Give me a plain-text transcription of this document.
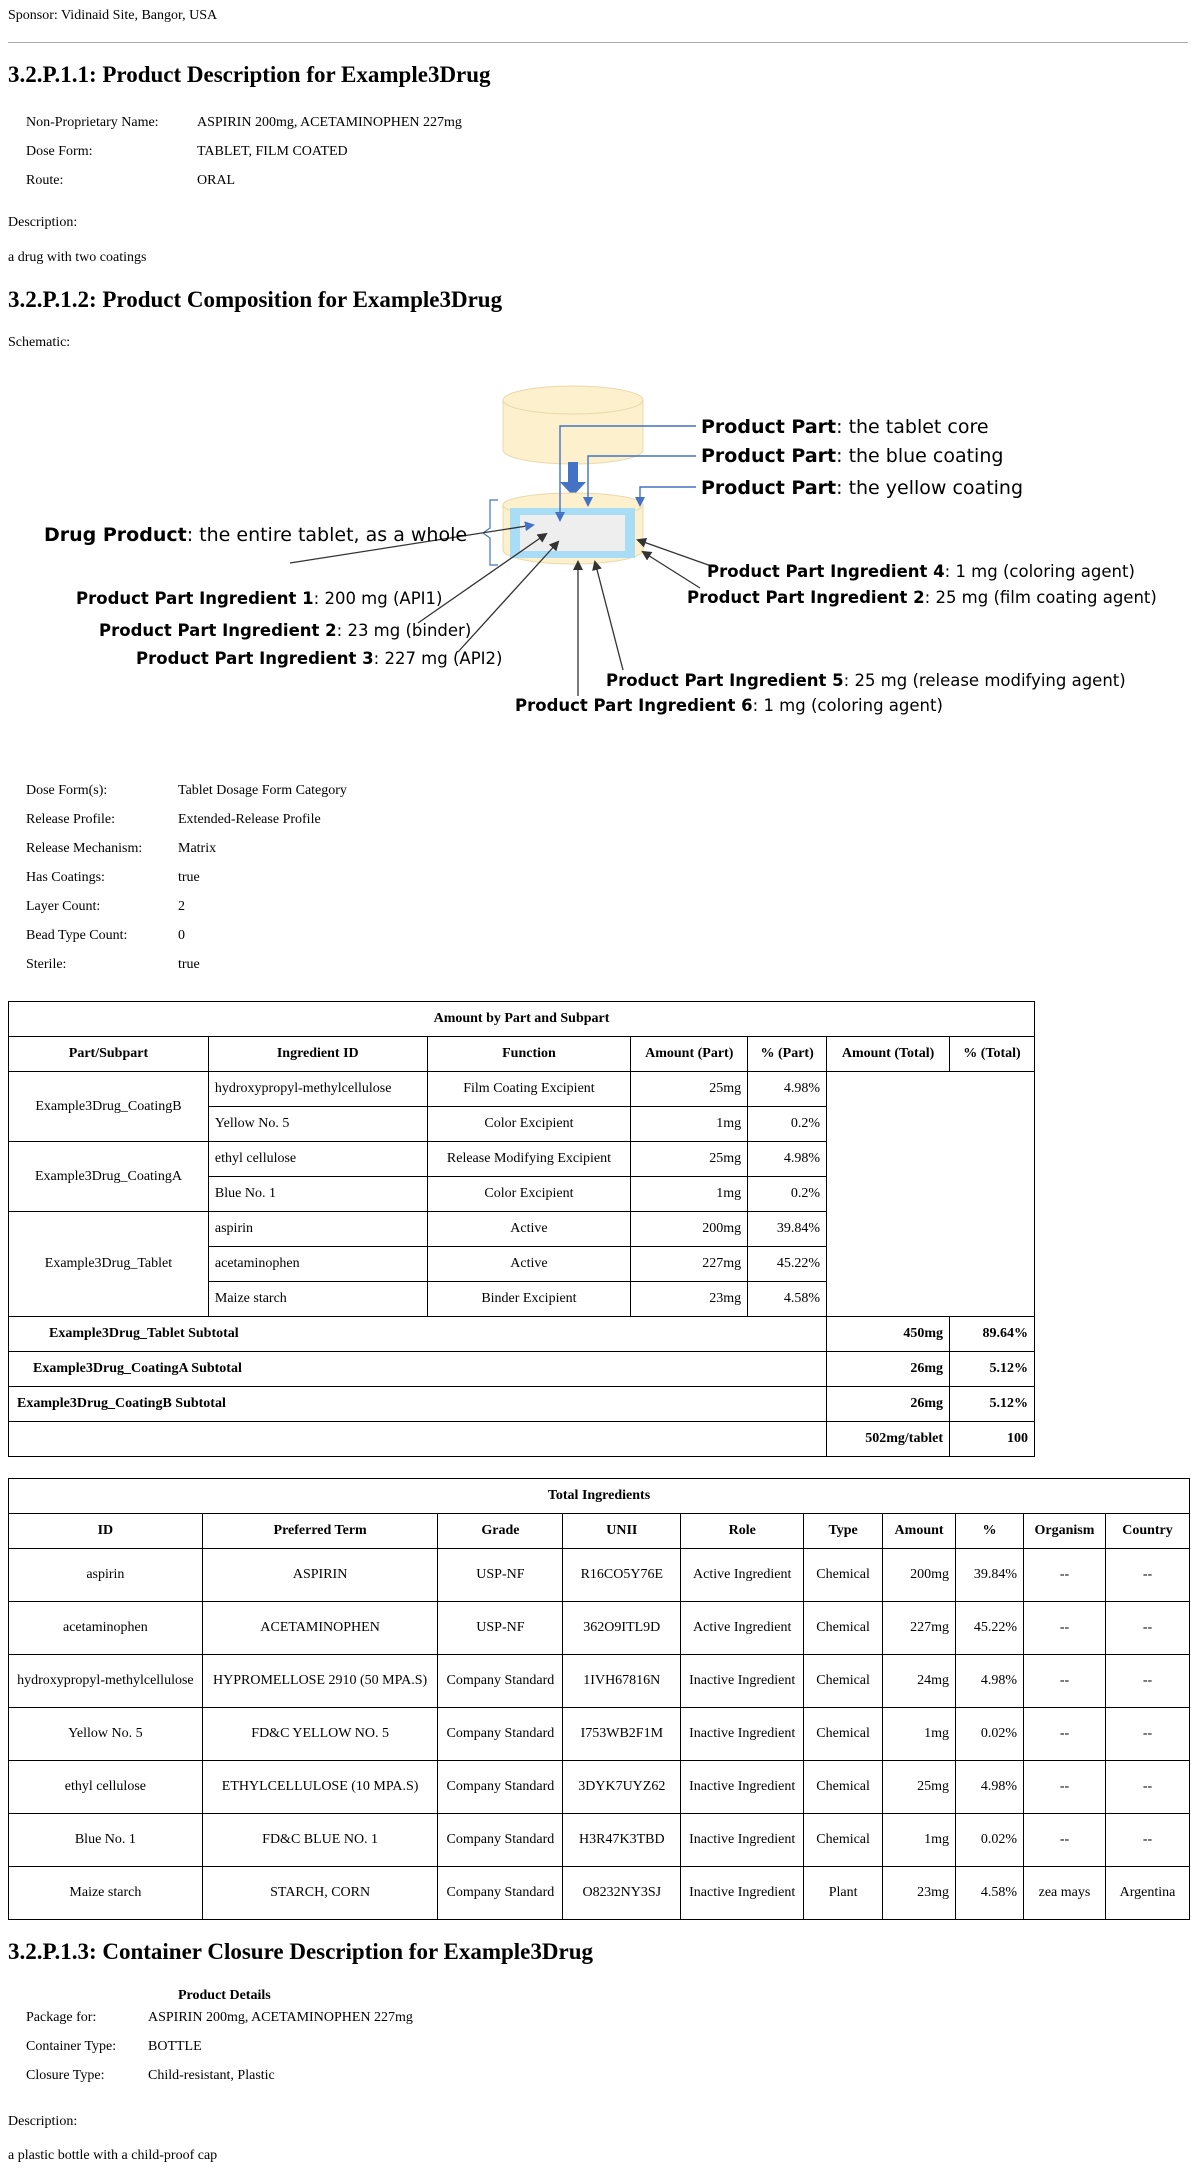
Sponsor: Vidinaid Site, Bangor, USA
3.2.P.1.1: Product Description for Example3Drug
Non-Proprietary Name:	ASPIRIN 200mg, ACETAMINOPHEN 227mg
Dose Form:	TABLET, FILM COATED
Route:	ORAL
Description:
a drug with two coatings
3.2.P.1.2: Product Composition for Example3Drug
Schematic:
Product Part: the tablet core
Product Part: the blue coating
Product Part: the yellow coating
Drug Product: the entire tablet, as a whole
Product Part Ingredient 1: 200 mg (API1)
Product Part Ingredient 2: 23 mg (binder)
Product Part Ingredient 3: 227 mg (API2)
Product Part Ingredient 4: 1 mg (coloring agent)
Product Part Ingredient 2: 25 mg (film coating agent)
Product Part Ingredient 5: 25 mg (release modifying agent)
Product Part Ingredient 6: 1 mg (coloring agent)
Dose Form(s):	Tablet Dosage Form Category
Release Profile:	Extended-Release Profile
Release Mechanism:	Matrix
Has Coatings:	true
Layer Count:	2
Bead Type Count:	0
Sterile:	true
Amount by Part and Subpart						
Part/Subpart	Ingredient ID	Function	Amount (Part)	% (Part)	Amount (Total)	% (Total)
Example3Drug_CoatingB	hydroxypropyl-methylcellulose	Film Coating Excipient	25mg	4.98%		
	Yellow No. 5	Color Excipient	1mg	0.2%		
Example3Drug_CoatingA	ethyl cellulose	Release Modifying Excipient	25mg	4.98%		
	Blue No. 1	Color Excipient	1mg	0.2%		
Example3Drug_Tablet	aspirin	Active	200mg	39.84%		
	acetaminophen	Active	227mg	45.22%		
	Maize starch	Binder Excipient	23mg	4.58%		
Example3Drug_Tablet Subtotal					450mg	89.64%
Example3Drug_CoatingA Subtotal					26mg	5.12%
Example3Drug_CoatingB Subtotal					26mg	5.12%
					502mg/tablet	100
Total Ingredients									
ID	Preferred Term	Grade	UNII	Role	Type	Amount	%	Organism	Country
aspirin	ASPIRIN	USP-NF	R16CO5Y76E	Active Ingredient	Chemical	200mg	39.84%	--	--
acetaminophen	ACETAMINOPHEN	USP-NF	362O9ITL9D	Active Ingredient	Chemical	227mg	45.22%	--	--
hydroxypropyl-methylcellulose	HYPROMELLOSE 2910 (50 MPA.S)	Company Standard	1IVH67816N	Inactive Ingredient	Chemical	24mg	4.98%	--	--
Yellow No. 5	FD&C YELLOW NO. 5	Company Standard	I753WB2F1M	Inactive Ingredient	Chemical	1mg	0.02%	--	--
ethyl cellulose	ETHYLCELLULOSE (10 MPA.S)	Company Standard	3DYK7UYZ62	Inactive Ingredient	Chemical	25mg	4.98%	--	--
Blue No. 1	FD&C BLUE NO. 1	Company Standard	H3R47K3TBD	Inactive Ingredient	Chemical	1mg	0.02%	--	--
Maize starch	STARCH, CORN	Company Standard	O8232NY3SJ	Inactive Ingredient	Plant	23mg	4.58%	zea mays	Argentina
3.2.P.1.3: Container Closure Description for Example3Drug
Product Details
Package for:	ASPIRIN 200mg, ACETAMINOPHEN 227mg
Container Type:	BOTTLE
Closure Type:	Child-resistant, Plastic
Description:
a plastic bottle with a child-proof cap
